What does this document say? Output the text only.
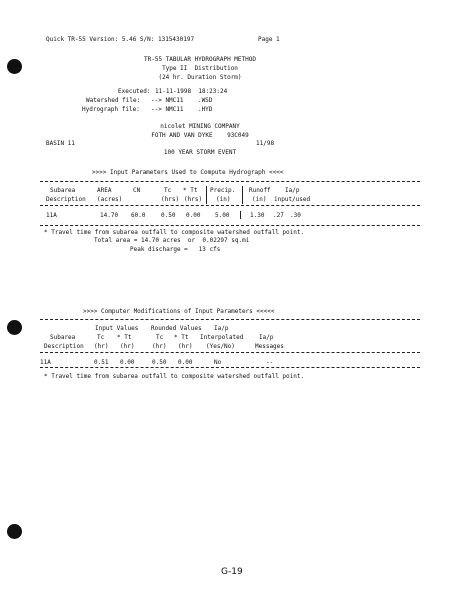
Quick TR-55 Version: 5.46 S/N: 1315430197	Page 1
TR-55 TABULAR HYDROGRAPH METHOD
Type II  Distribution
(24 hr. Duration Storm)
Executed: 11-11-1998  18:23:24
Watershed file: --> NMC11    .WSD
Hydrograph file: --> NMC11    .HYD
nicolet MINING COMPANY
FOTH AND VAN DYKE    93C049
BASIN 11	11/98
100 YEAR STORM EVENT
>>>> Input Parameters Used to Compute Hydrograph <<<<
Subarea	AREA	CN	Tc * Tt Precip. Runoff Ia/p
Description (acres)	(hrs) (hrs) (in)	(in) input/used
11A	14.70 60.0	0.50 0.00 5.00	1.30 .27 .30
* Travel time from subarea outfall to composite watershed outfall point.
Total area = 14.70 acres  or  0.02297 sq.mi
Peak discharge =   13 cfs
>>>> Computer Modifications of Input Parameters <<<<<
Input Values Rounded Values Ia/p
Subarea	Tc * Tt	Tc * Tt Interpolated	Ia/p
Description (hr) (hr)	(hr) (hr) (Yes/No)	Messages
11A	0.51 0.00	0.50 0.00	No	--
* Travel time from subarea outfall to composite watershed outfall point.
G-19
